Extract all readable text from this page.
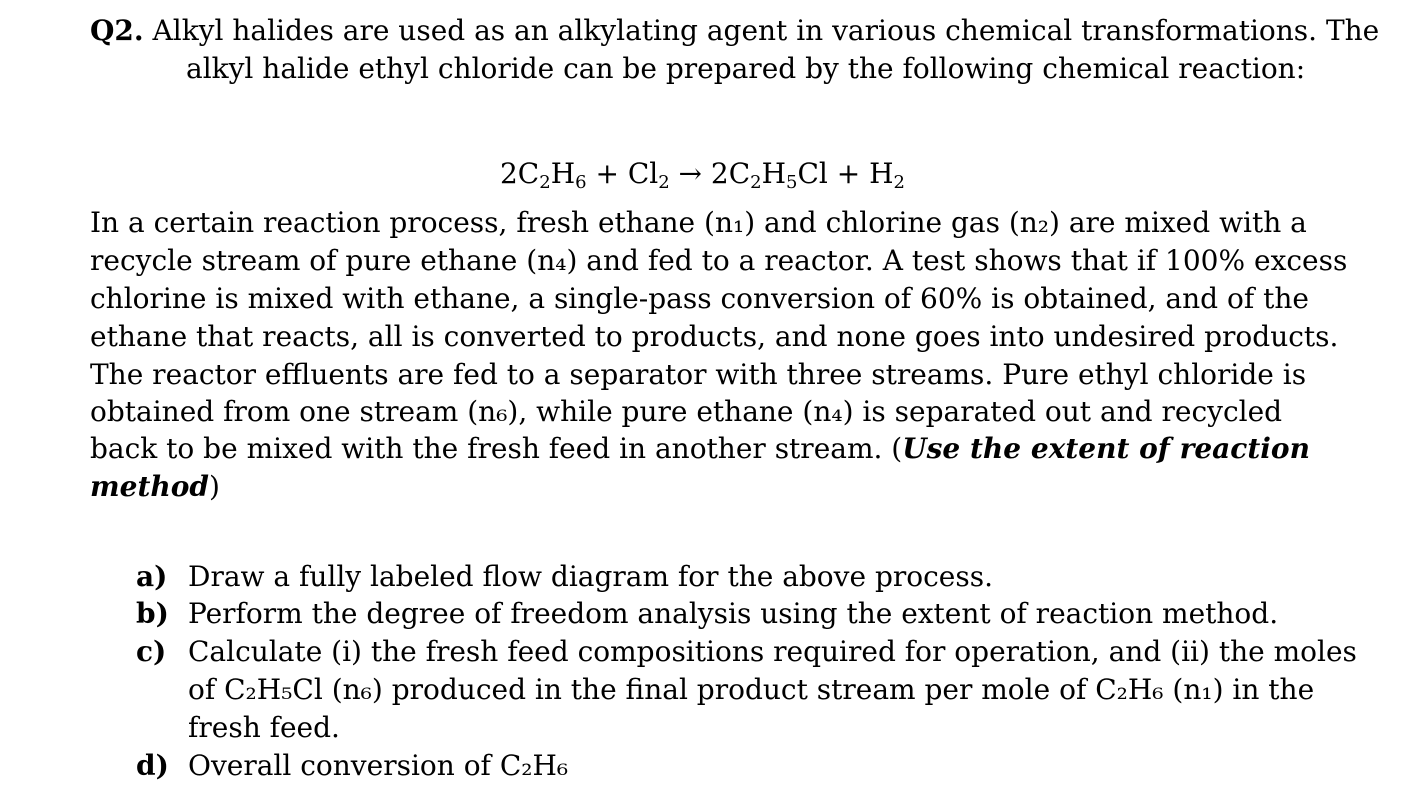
Q2. Alkyl halides are used as an alkylating agent in various chemical transformations. The
alkyl halide ethyl chloride can be prepared by the following chemical reaction:
$2C_2H_6 + Cl_2 \to 2C_2H_5Cl + H_2$
In a certain reaction process, fresh ethane (n₁) and chlorine gas (n₂) are mixed with a
recycle stream of pure ethane (n₄) and fed to a reactor. A test shows that if 100% excess
chlorine is mixed with ethane, a single-pass conversion of 60% is obtained, and of the
ethane that reacts, all is converted to products, and none goes into undesired products.
The reactor effluents are fed to a separator with three streams. Pure ethyl chloride is
obtained from one stream (n₆), while pure ethane (n₄) is separated out and recycled
back to be mixed with the fresh feed in another stream. (Use the extent of reaction
method)
a) Draw a fully labeled flow diagram for the above process.
b) Perform the degree of freedom analysis using the extent of reaction method.
c) Calculate (i) the fresh feed compositions required for operation, and (ii) the moles
of C₂H₅Cl (n₆) produced in the final product stream per mole of C₂H₆ (n₁) in the
fresh feed.
d) Overall conversion of C₂H₆
